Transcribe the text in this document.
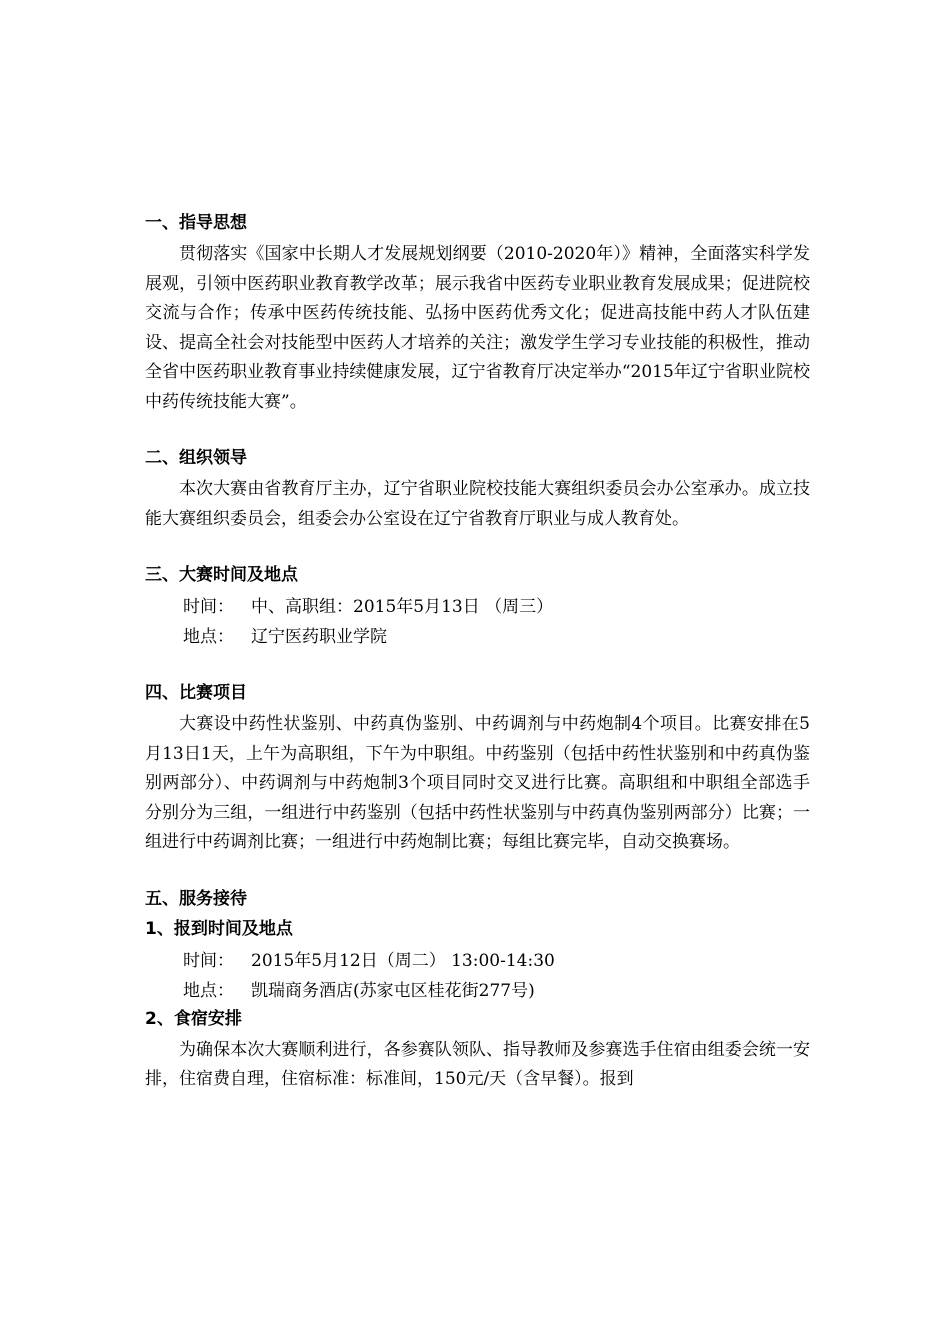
一、指导思想

贯彻落实《国家中长期人才发展规划纲要（2010-2020年）》精神，全面落实科学发展观，引领中医药职业教育教学改革；展示我省中医药专业职业教育发展成果；促进院校交流与合作；传承中医药传统技能、弘扬中医药优秀文化；促进高技能中药人才队伍建设、提高全社会对技能型中医药人才培养的关注；激发学生学习专业技能的积极性，推动全省中医药职业教育事业持续健康发展，辽宁省教育厅决定举办“2015年辽宁省职业院校中药传统技能大赛”。

二、组织领导

本次大赛由省教育厅主办，辽宁省职业院校技能大赛组织委员会办公室承办。成立技能大赛组织委员会，组委会办公室设在辽宁省教育厅职业与成人教育处。

三、大赛时间及地点

时间： 中、高职组：2015年5月13日 （周三）

地点： 辽宁医药职业学院

四、比赛项目

大赛设中药性状鉴别、中药真伪鉴别、中药调剂与中药炮制4个项目。比赛安排在5月13日1天，上午为高职组，下午为中职组。中药鉴别（包括中药性状鉴别和中药真伪鉴别两部分）、中药调剂与中药炮制3个项目同时交叉进行比赛。高职组和中职组全部选手分别分为三组，一组进行中药鉴别（包括中药性状鉴别与中药真伪鉴别两部分）比赛；一组进行中药调剂比赛；一组进行中药炮制比赛；每组比赛完毕，自动交换赛场。

五、服务接待

1、报到时间及地点

时间： 2015年5月12日（周二） 13:00-14:30

地点： 凯瑞商务酒店(苏家屯区桂花街277号)

2、食宿安排

为确保本次大赛顺利进行，各参赛队领队、指导教师及参赛选手住宿由组委会统一安排，住宿费自理，住宿标准：标准间，150元/天（含早餐）。报到
